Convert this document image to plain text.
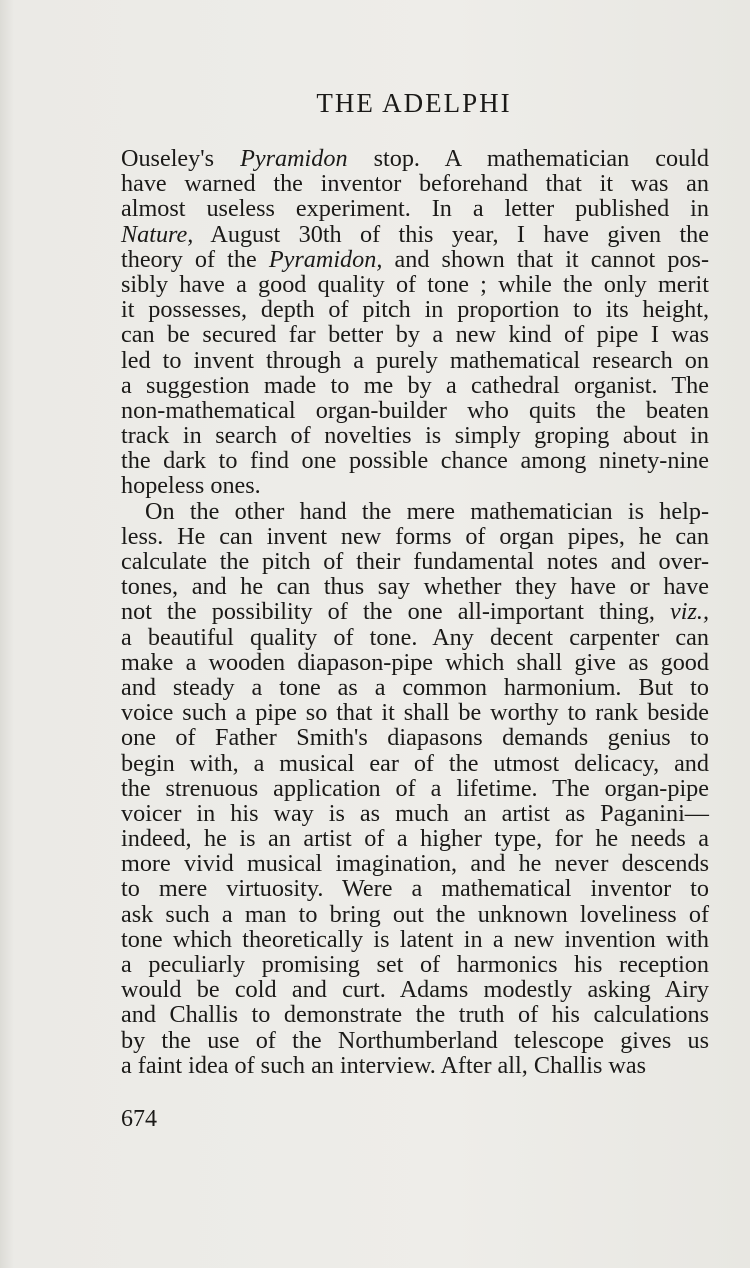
THE ADELPHI
Ouseley's Pyramidon stop. A mathematician could
have warned the inventor beforehand that it was an
almost useless experiment. In a letter published in
Nature, August 30th of this year, I have given the
theory of the Pyramidon, and shown that it cannot pos-
sibly have a good quality of tone ; while the only merit
it possesses, depth of pitch in proportion to its height,
can be secured far better by a new kind of pipe I was
led to invent through a purely mathematical research on
a suggestion made to me by a cathedral organist. The
non-mathematical organ-builder who quits the beaten
track in search of novelties is simply groping about in
the dark to find one possible chance among ninety-nine
hopeless ones.
On the other hand the mere mathematician is help-
less. He can invent new forms of organ pipes, he can
calculate the pitch of their fundamental notes and over-
tones, and he can thus say whether they have or have
not the possibility of the one all-important thing, viz.,
a beautiful quality of tone. Any decent carpenter can
make a wooden diapason-pipe which shall give as good
and steady a tone as a common harmonium. But to
voice such a pipe so that it shall be worthy to rank beside
one of Father Smith's diapasons demands genius to
begin with, a musical ear of the utmost delicacy, and
the strenuous application of a lifetime. The organ-pipe
voicer in his way is as much an artist as Paganini—
indeed, he is an artist of a higher type, for he needs a
more vivid musical imagination, and he never descends
to mere virtuosity. Were a mathematical inventor to
ask such a man to bring out the unknown loveliness of
tone which theoretically is latent in a new invention with
a peculiarly promising set of harmonics his reception
would be cold and curt. Adams modestly asking Airy
and Challis to demonstrate the truth of his calculations
by the use of the Northumberland telescope gives us
a faint idea of such an interview. After all, Challis was
674
